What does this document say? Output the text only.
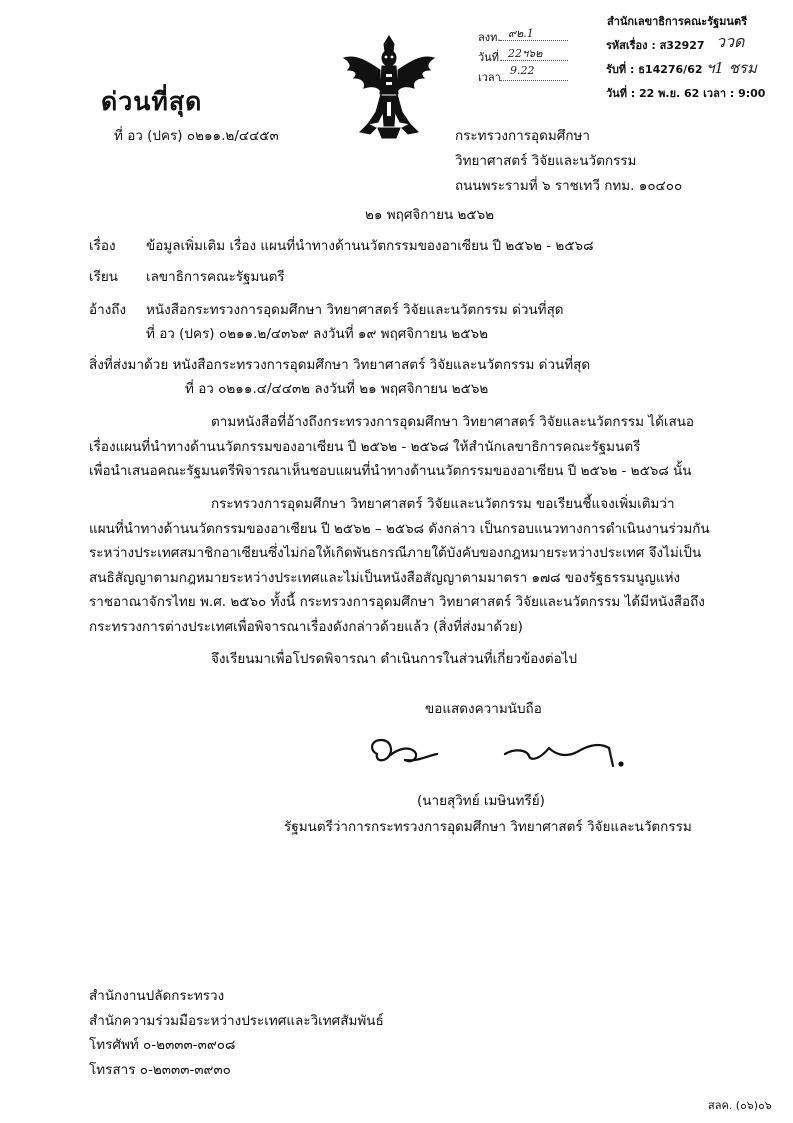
ด่วนที่สุด
ที่ อว (ปคร) ๐๒๑๑.๒/๔๔๕๓
ลงท. ๙๒.1
วันที่ 22ฯ๖๒
เวลา
9.22
สำนักเลขาธิการคณะรัฐมนตรี
รหัสเรื่อง : ส32927 ววด
รับที่ : ธ14276/62 ฯ1 ชรม
วันที่ : 22 พ.ย. 62 เวลา : 9:00
กระทรวงการอุดมศึกษา
วิทยาศาสตร์ วิจัยและนวัตกรรม
ถนนพระรามที่ ๖ ราชเทวี กทม. ๑๐๔๐๐
๒๑ พฤศจิกายน ๒๕๖๒
เรื่อง ข้อมูลเพิ่มเติม เรื่อง แผนที่นำทางด้านนวัตกรรมของอาเซียน ปี ๒๕๖๒ - ๒๕๖๘
เรียน เลขาธิการคณะรัฐมนตรี
อ้างถึง หนังสือกระทรวงการอุดมศึกษา วิทยาศาสตร์ วิจัยและนวัตกรรม ด่วนที่สุด
ที่ อว (ปคร) ๐๒๑๑.๒/๔๓๖๙ ลงวันที่ ๑๙ พฤศจิกายน ๒๕๖๒
สิ่งที่ส่งมาด้วย หนังสือกระทรวงการอุดมศึกษา วิทยาศาสตร์ วิจัยและนวัตกรรม ด่วนที่สุด
ที่ อว ๐๒๑๑.๔/๔๔๓๒ ลงวันที่ ๒๑ พฤศจิกายน ๒๕๖๒
ตามหนังสือที่อ้างถึงกระทรวงการอุดมศึกษา วิทยาศาสตร์ วิจัยและนวัตกรรม ได้เสนอ
เรื่องแผนที่นำทางด้านนวัตกรรมของอาเซียน ปี ๒๕๖๒ - ๒๕๖๘ ให้สำนักเลขาธิการคณะรัฐมนตรี
เพื่อนำเสนอคณะรัฐมนตรีพิจารณาเห็นชอบแผนที่นำทางด้านนวัตกรรมของอาเซียน ปี ๒๕๖๒ - ๒๕๖๘ นั้น
กระทรวงการอุดมศึกษา วิทยาศาสตร์ วิจัยและนวัตกรรม ขอเรียนชี้แจงเพิ่มเติมว่า
แผนที่นำทางด้านนวัตกรรมของอาเซียน ปี ๒๕๖๒ – ๒๕๖๘ ดังกล่าว เป็นกรอบแนวทางการดำเนินงานร่วมกัน
ระหว่างประเทศสมาชิกอาเซียนซึ่งไม่ก่อให้เกิดพันธกรณีภายใต้บังคับของกฎหมายระหว่างประเทศ จึงไม่เป็น
สนธิสัญญาตามกฎหมายระหว่างประเทศและไม่เป็นหนังสือสัญญาตามมาตรา ๑๗๘ ของรัฐธรรมนูญแห่ง
ราชอาณาจักรไทย พ.ศ. ๒๕๖๐ ทั้งนี้ กระทรวงการอุดมศึกษา วิทยาศาสตร์ วิจัยและนวัตกรรม ได้มีหนังสือถึง
กระทรวงการต่างประเทศเพื่อพิจารณาเรื่องดังกล่าวด้วยแล้ว (สิ่งที่ส่งมาด้วย)
จึงเรียนมาเพื่อโปรดพิจารณา ดำเนินการในส่วนที่เกี่ยวข้องต่อไป
ขอแสดงความนับถือ
(นายสุวิทย์ เมษินทรีย์)
รัฐมนตรีว่าการกระทรวงการอุดมศึกษา วิทยาศาสตร์ วิจัยและนวัตกรรม
สำนักงานปลัดกระทรวง
สำนักความร่วมมือระหว่างประเทศและวิเทศสัมพันธ์
โทรศัพท์ ๐-๒๓๓๓-๓๙๐๘
โทรสาร ๐-๒๓๓๓-๓๙๓๐
สลค. (๐๖)๐๖
